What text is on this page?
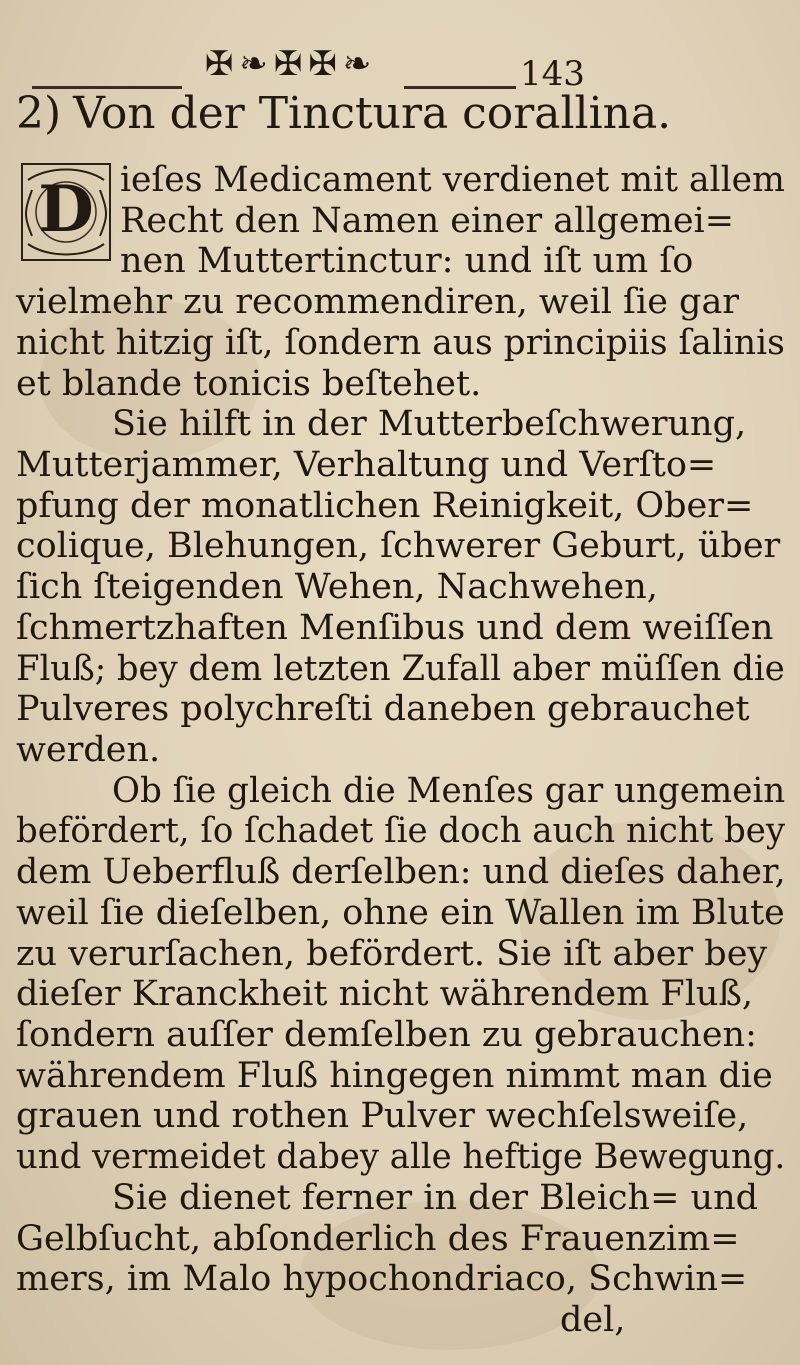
✠❧✠✠❧	143
2) Von der Tinctura corallina.
D ieſes Medicament verdienet mit allem
Recht den Namen einer allgemei=
nen Muttertinctur: und iſt um ſo
vielmehr zu recommendiren, weil ſie gar
nicht hitzig iſt, ſondern aus principiis ſalinis
et blande tonicis beſtehet.
Sie hilft in der Mutterbeſchwerung,
Mutterjammer, Verhaltung und Verſto=
pfung der monatlichen Reinigkeit, Ober=
colique, Blehungen, ſchwerer Geburt, über
ſich ſteigenden Wehen, Nachwehen,
ſchmertzhaften Menſibus und dem weiſſen
Fluß; bey dem letzten Zufall aber müſſen die
Pulveres polychreſti daneben gebrauchet
werden.
Ob ſie gleich die Menſes gar ungemein
befördert, ſo ſchadet ſie doch auch nicht bey
dem Ueberfluß derſelben: und dieſes daher,
weil ſie dieſelben, ohne ein Wallen im Blute
zu verurſachen, befördert. Sie iſt aber bey
dieſer Kranckheit nicht währendem Fluß,
ſondern auſſer demſelben zu gebrauchen:
währendem Fluß hingegen nimmt man die
grauen und rothen Pulver wechſelsweiſe,
und vermeidet dabey alle heftige Bewegung.
Sie dienet ferner in der Bleich= und
Gelbſucht, abſonderlich des Frauenzim=
mers, im Malo hypochondriaco, Schwin=
del,
